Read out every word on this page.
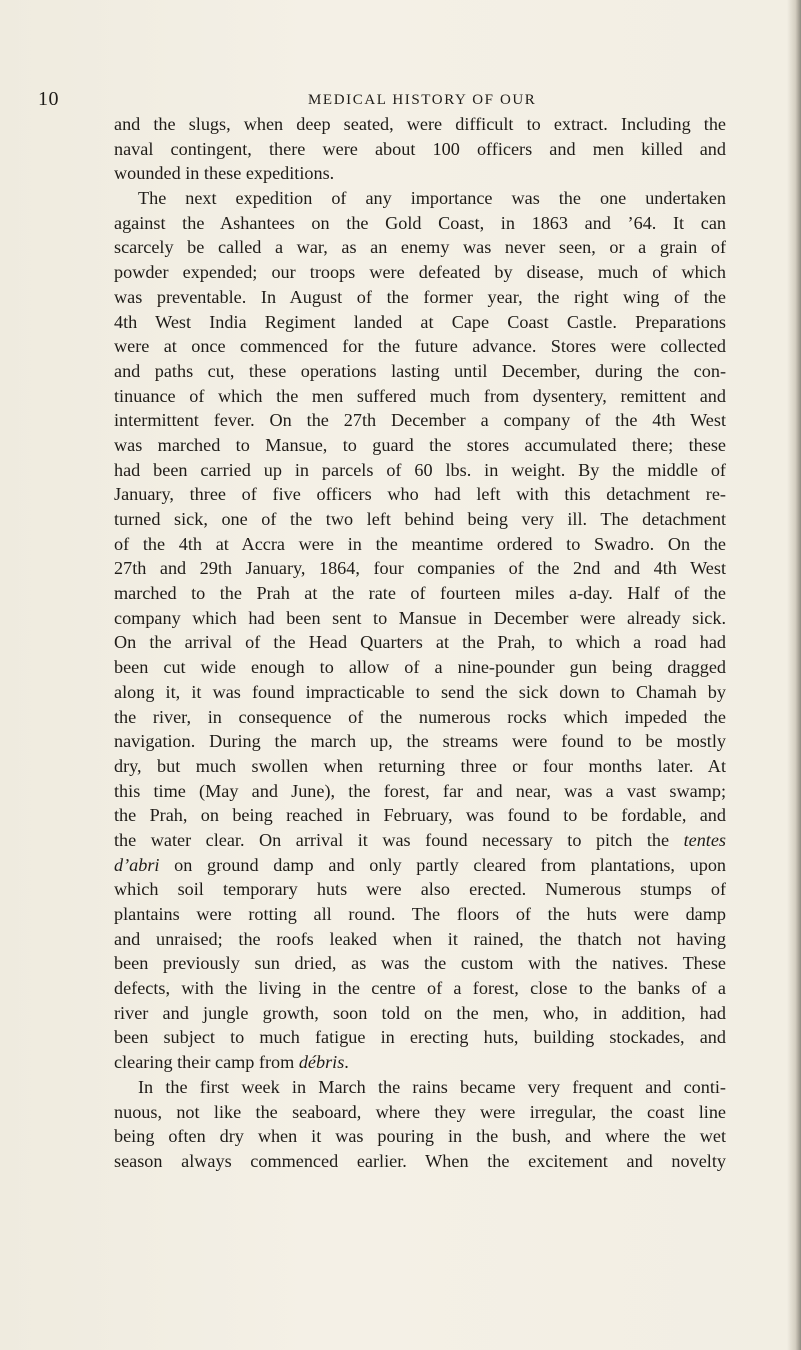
10	MEDICAL HISTORY OF OUR
and the slugs, when deep seated, were difficult to extract. Including the
naval contingent, there were about 100 officers and men killed and
wounded in these expeditions.
The next expedition of any importance was the one undertaken
against the Ashantees on the Gold Coast, in 1863 and ’64. It can
scarcely be called a war, as an enemy was never seen, or a grain of
powder expended; our troops were defeated by disease, much of which
was preventable. In August of the former year, the right wing of the
4th West India Regiment landed at Cape Coast Castle. Preparations
were at once commenced for the future advance. Stores were collected
and paths cut, these operations lasting until December, during the con-
tinuance of which the men suffered much from dysentery, remittent and
intermittent fever. On the 27th December a company of the 4th West
was marched to Mansue, to guard the stores accumulated there; these
had been carried up in parcels of 60 lbs. in weight. By the middle of
January, three of five officers who had left with this detachment re-
turned sick, one of the two left behind being very ill. The detachment
of the 4th at Accra were in the meantime ordered to Swadro. On the
27th and 29th January, 1864, four companies of the 2nd and 4th West
marched to the Prah at the rate of fourteen miles a-day. Half of the
company which had been sent to Mansue in December were already sick.
On the arrival of the Head Quarters at the Prah, to which a road had
been cut wide enough to allow of a nine-pounder gun being dragged
along it, it was found impracticable to send the sick down to Chamah by
the river, in consequence of the numerous rocks which impeded the
navigation. During the march up, the streams were found to be mostly
dry, but much swollen when returning three or four months later. At
this time (May and June), the forest, far and near, was a vast swamp;
the Prah, on being reached in February, was found to be fordable, and
the water clear. On arrival it was found necessary to pitch the tentes
d’abri on ground damp and only partly cleared from plantations, upon
which soil temporary huts were also erected. Numerous stumps of
plantains were rotting all round. The floors of the huts were damp
and unraised; the roofs leaked when it rained, the thatch not having
been previously sun dried, as was the custom with the natives. These
defects, with the living in the centre of a forest, close to the banks of a
river and jungle growth, soon told on the men, who, in addition, had
been subject to much fatigue in erecting huts, building stockades, and
clearing their camp from débris.
In the first week in March the rains became very frequent and conti-
nuous, not like the seaboard, where they were irregular, the coast line
being often dry when it was pouring in the bush, and where the wet
season always commenced earlier. When the excitement and novelty
